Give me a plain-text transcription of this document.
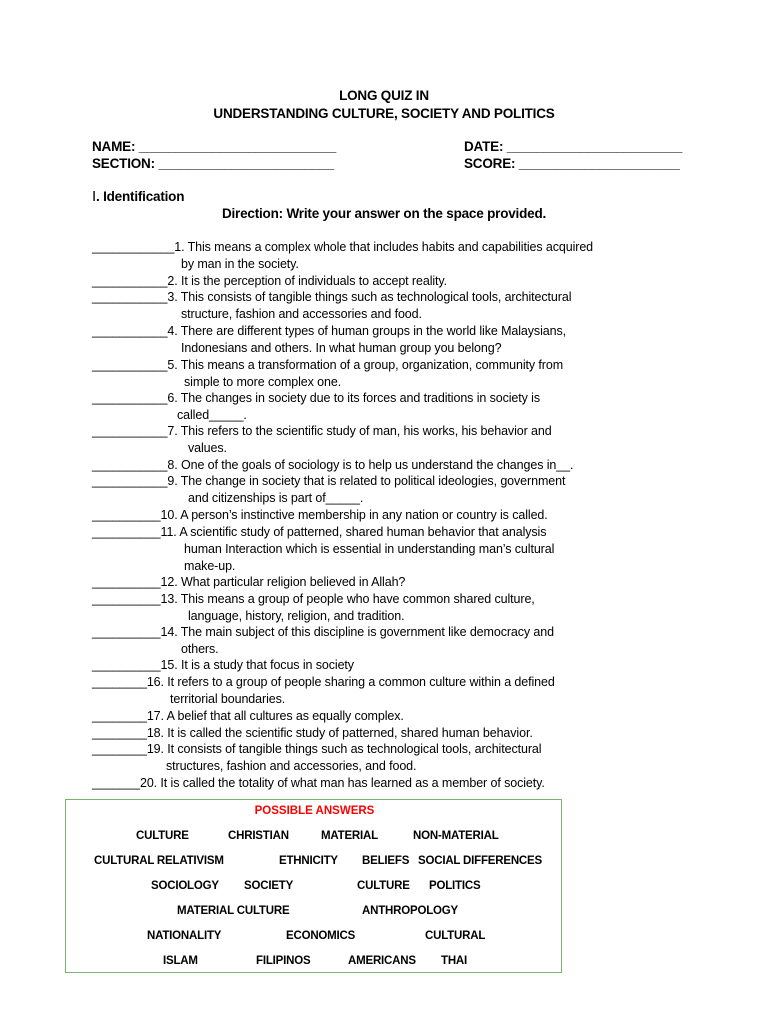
LONG QUIZ IN
UNDERSTANDING CULTURE, SOCIETY AND POLITICS
NAME: ___________________________	DATE: ________________________
SECTION: ________________________	SCORE: ______________________
I. Identification
Direction: Write your answer on the space provided.
____________1. This means a complex whole that includes habits and capabilities acquired
by man in the society.
___________2. It is the perception of individuals to accept reality.
___________3. This consists of tangible things such as technological tools, architectural
structure, fashion and accessories and food.
___________4. There are different types of human groups in the world like Malaysians,
Indonesians and others. In what human group you belong?
___________5. This means a transformation of a group, organization, community from
simple to more complex one.
___________6. The changes in society due to its forces and traditions in society is
called_____.
___________7. This refers to the scientific study of man, his works, his behavior and
values.
___________8. One of the goals of sociology is to help us understand the changes in__.
___________9. The change in society that is related to political ideologies, government
and citizenships is part of_____.
__________10. A person’s instinctive membership in any nation or country is called.
__________11. A scientific study of patterned, shared human behavior that analysis
human Interaction which is essential in understanding man’s cultural
make-up.
__________12. What particular religion believed in Allah?
__________13. This means a group of people who have common shared culture,
language, history, religion, and tradition.
__________14. The main subject of this discipline is government like democracy and
others.
__________15. It is a study that focus in society
________16. It refers to a group of people sharing a common culture within a defined
territorial boundaries.
________17. A belief that all cultures as equally complex.
________18. It is called the scientific study of patterned, shared human behavior.
________19. It consists of tangible things such as technological tools, architectural
structures, fashion and accessories, and food.
_______20. It is called the totality of what man has learned as a member of society.
POSSIBLE ANSWERS
CULTURE	CHRISTIAN	MATERIAL	NON-MATERIAL
CULTURAL RELATIVISM	ETHNICITY BELIEFS SOCIAL DIFFERENCES
SOCIOLOGY SOCIETY	CULTURE POLITICS
MATERIAL CULTURE	ANTHROPOLOGY
NATIONALITY	ECONOMICS	CULTURAL
ISLAM	FILIPINOS	AMERICANS THAI
